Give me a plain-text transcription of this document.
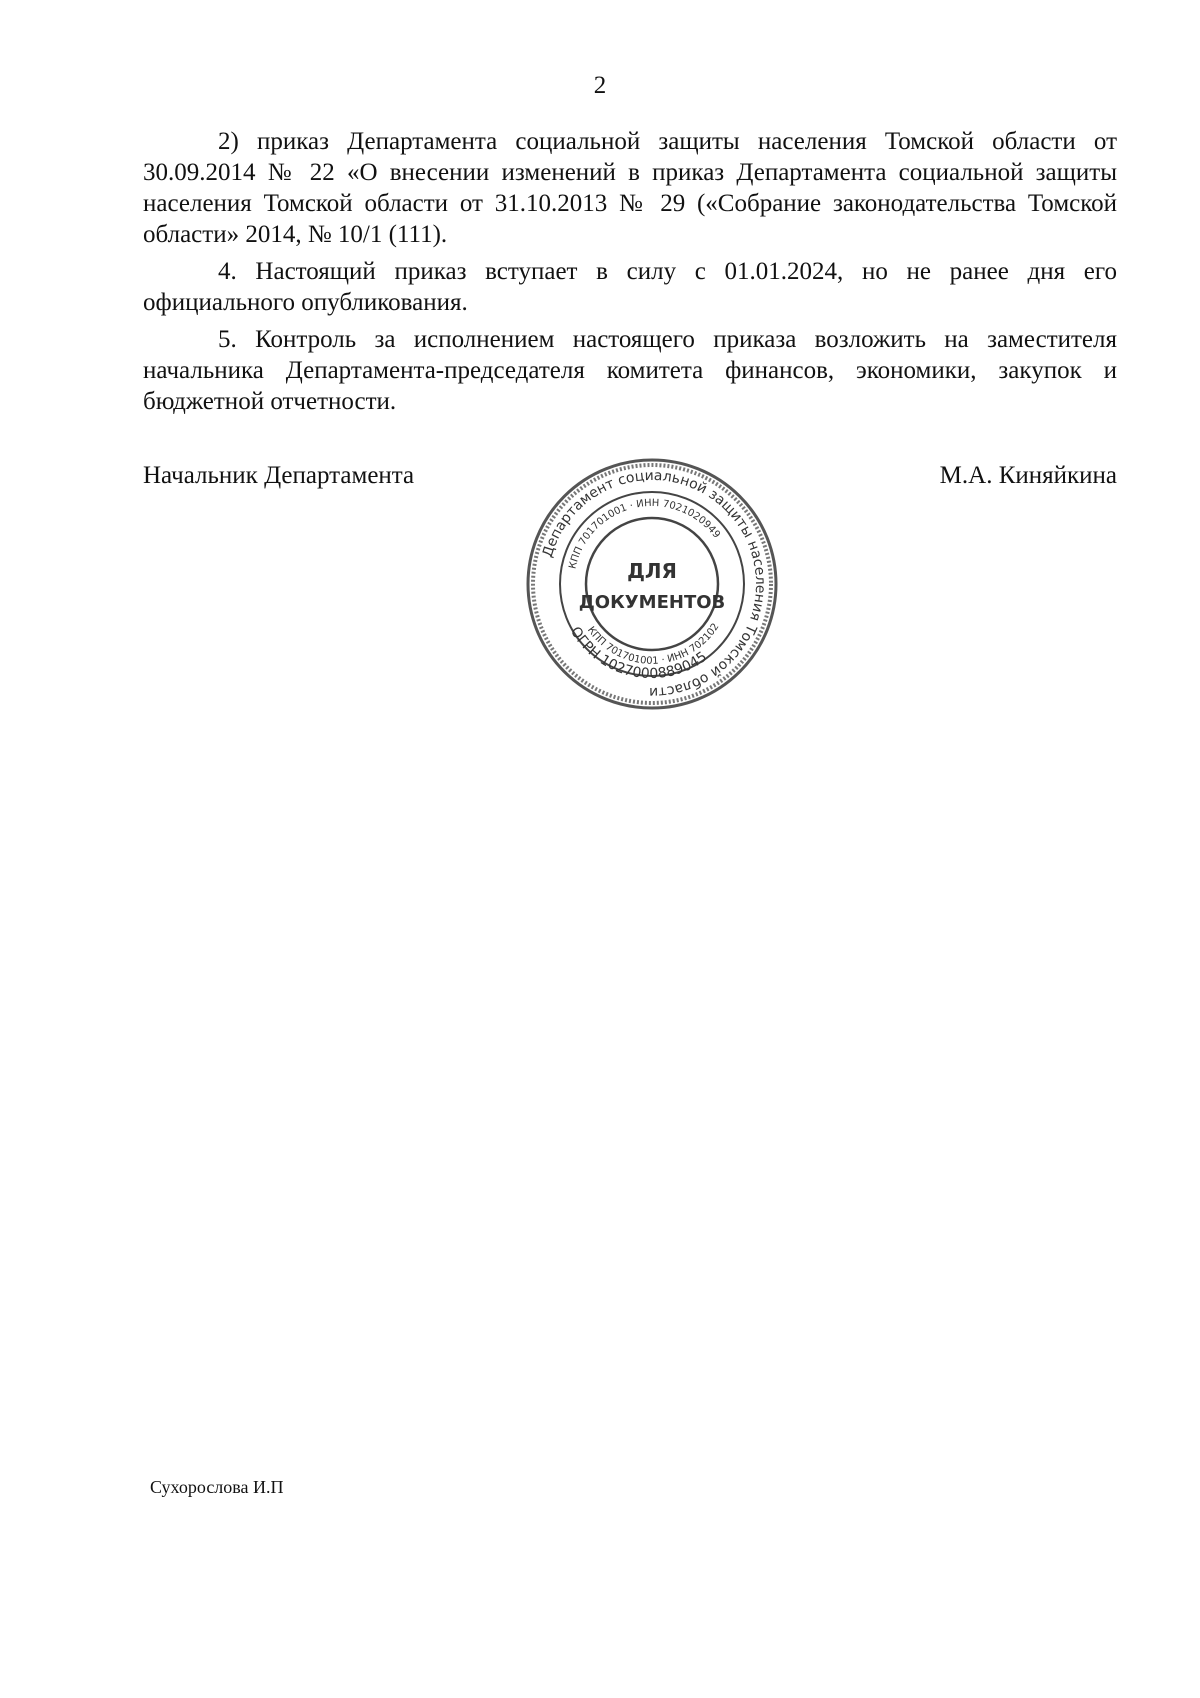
2

2) приказ Департамента социальной защиты населения Томской области от 30.09.2014 № 22 «О внесении изменений в приказ Департамента социальной защиты населения Томской области от 31.10.2013 № 29 («Собрание законодательства Томской области» 2014, № 10/1 (111).

4. Настоящий приказ вступает в силу с 01.01.2024, но не ранее дня его официального опубликования.

5. Контроль за исполнением настоящего приказа возложить на заместителя начальника Департамента-председателя комитета финансов, экономики, закупок и бюджетной отчетности.

Начальник Департамента	М.А. Киняйкина
Департамент социальной защиты населения Томской области
ОГРН 1027000889045
КПП 701701001 · ИНН 7021020949
КПП 701701001 · ИНН 702102
ДЛЯ
ДОКУМЕНТОВ
Сухорослова И.П
